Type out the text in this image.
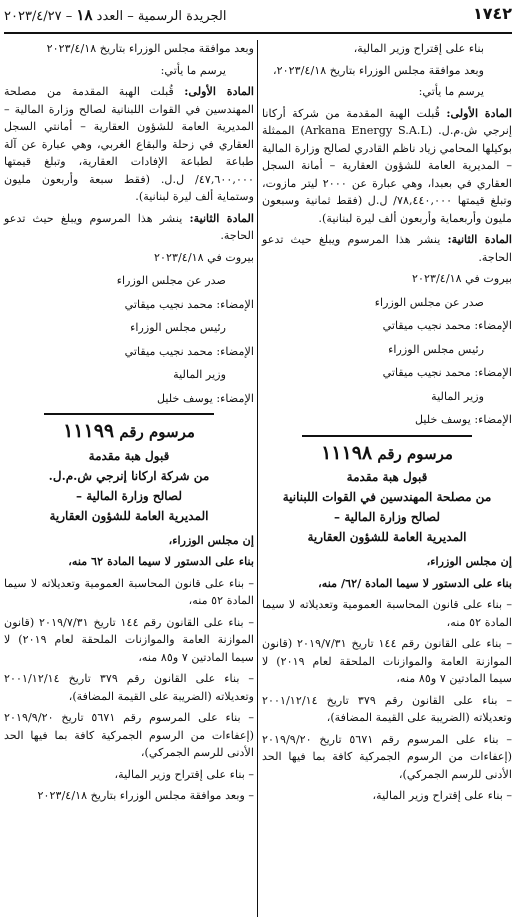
١٧٤٢
الجريدة الرسمية – العدد ١٨ – ٢٠٢٣/٤/٢٧

بناء على إقتراح وزير المالية،

وبعد موافقة مجلس الوزراء بتاريخ ٢٠٢٣/٤/١٨،

يرسم ما يأتي:

المادة الأولى: قُبلت الهبة المقدمة من شركة أركانا إنرجي ش.م.ل. (Arkana Energy S.A.L) الممثلة بوكيلها المحامي زياد ناظم القادري لصالح وزارة المالية – المديرية العامة للشؤون العقارية – أمانة السجل العقاري في بعبدا، وهي عبارة عن ٢٠٠٠ ليتر مازوت، وتبلغ قيمتها ٧٨,٤٤٠,٠٠٠/ ل.ل (فقط ثمانية وسبعون مليون وأربعماية وأربعون ألف ليرة لبنانية).

المادة الثانية: ينشر هذا المرسوم ويبلغ حيث تدعو الحاجة.

بيروت في ٢٠٢٣/٤/١٨

صدر عن مجلس الوزراء

الإمضاء: محمد نجيب ميقاتي

رئيس مجلس الوزراء

الإمضاء: محمد نجيب ميقاتي

وزير المالية

الإمضاء: يوسف خليل

مرسوم رقم ١١١٩٨

قبول هبة مقدمة

من مصلحة المهندسين في القوات اللبنانية

لصالح وزارة المالية –

المديرية العامة للشؤون العقارية

إن مجلس الوزراء،

بناء على الدستور لا سيما المادة /٦٢/ منه،

– بناء على قانون المحاسبة العمومية وتعديلاته لا سيما المادة ٥٢ منه،

– بناء على القانون رقم ١٤٤ تاريخ ٢٠١٩/٧/٣١ (قانون الموازنة العامة والموازنات الملحقة لعام ٢٠١٩) لا سيما المادتين ٧ و٨٥ منه،

– بناء على القانون رقم ٣٧٩ تاريخ ٢٠٠١/١٢/١٤ وتعديلاته (الضريبة على القيمة المضافة)،

– بناء على المرسوم رقم ٥٦٧١ تاريخ ٢٠١٩/٩/٢٠ (إعفاءات من الرسوم الجمركية كافة بما فيها الحد الأدنى للرسم الجمركي)،

– بناء على إقتراح وزير المالية،

وبعد موافقة مجلس الوزراء بتاريخ ٢٠٢٣/٤/١٨

يرسم ما يأتي:

المادة الأولى: قُبلت الهبة المقدمة من مصلحة المهندسين في القوات اللبنانية لصالح وزارة المالية – المديرية العامة للشؤون العقارية – أمانتي السجل العقاري في زحلة والبقاع الغربي، وهي عبارة عن آلة طباعة لطباعة الإفادات العقارية، وتبلغ قيمتها ٤٧,٦٠٠,٠٠٠/ ل.ل. (فقط سبعة وأربعون مليون وستماية ألف ليرة لبنانية).

المادة الثانية: ينشر هذا المرسوم ويبلغ حيث تدعو الحاجة.

بيروت في ٢٠٢٣/٤/١٨

صدر عن مجلس الوزراء

الإمضاء: محمد نجيب ميقاتي

رئيس مجلس الوزراء

الإمضاء: محمد نجيب ميقاتي

وزير المالية

الإمضاء: يوسف خليل

مرسوم رقم ١١١٩٩

قبول هبة مقدمة

من شركة اركانا إنرجي ش.م.ل.

لصالح وزارة المالية –

المديرية العامة للشؤون العقارية

إن مجلس الوزراء،

بناء على الدستور لا سيما المادة ٦٢ منه،

– بناء على قانون المحاسبة العمومية وتعديلاته لا سيما المادة ٥٢ منه،

– بناء على القانون رقم ١٤٤ تاريخ ٢٠١٩/٧/٣١ (قانون الموازنة العامة والموازنات الملحقة لعام ٢٠١٩) لا سيما المادتين ٧ و٨٥ منه،

– بناء على القانون رقم ٣٧٩ تاريخ ٢٠٠١/١٢/١٤ وتعديلاته (الضريبة على القيمة المضافة)،

– بناء على المرسوم رقم ٥٦٧١ تاريخ ٢٠١٩/٩/٢٠ (إعفاءات من الرسوم الجمركية كافة بما فيها الحد الأدنى للرسم الجمركي)،

– بناء على إقتراح وزير المالية،

– وبعد موافقة مجلس الوزراء بتاريخ ٢٠٢٣/٤/١٨
